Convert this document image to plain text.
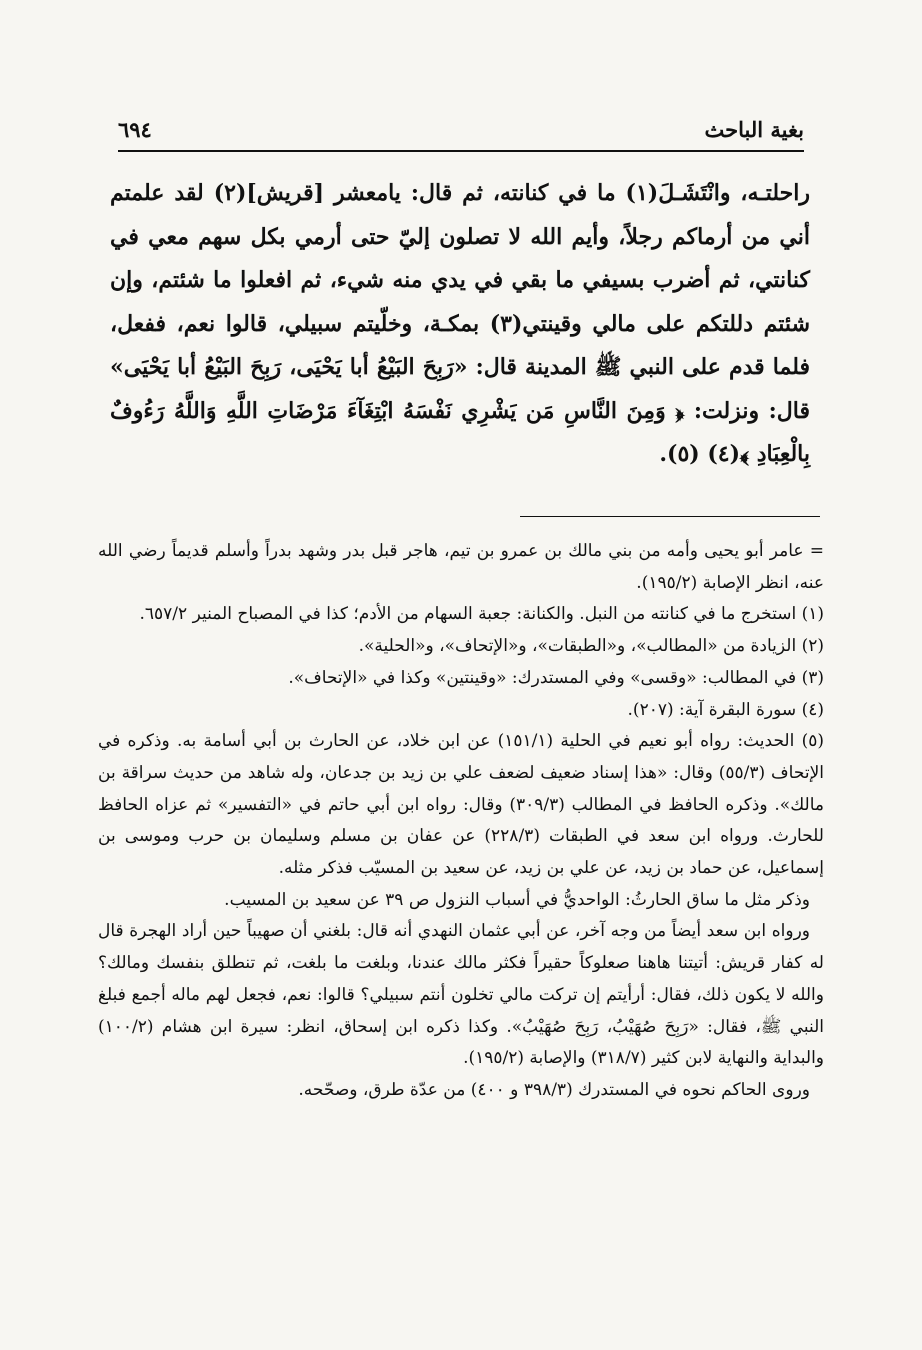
بغية الباحث
٦٩٤

راحلتـه، وانْتَشَـلَ(١) ما في كنانته، ثم قال: يامعشر [قريش](٢) لقد علمتم أني من أرماكم رجلاً، وأيم الله لا تصلون إليّ حتى أرمي بكل سهم معي في كنانتي، ثم أضرب بسيفي ما بقي في يدي منه شيء، ثم افعلوا ما شئتم، وإن شئتم دللتكم على مالي وقينتي(٣) بمكـة، وخلّيتم سبيلي، قالوا نعم، ففعل، فلما قدم على النبي ﷺ المدينة قال: «رَبِحَ البَيْعُ أبا يَحْيَى، رَبِحَ البَيْعُ أبا يَحْيَى» قال: ونزلت: ﴿ وَمِنَ النَّاسِ مَن يَشْرِي نَفْسَهُ ابْتِغَآءَ مَرْضَاتِ اللَّهِ وَاللَّهُ رَءُوفٌ بِالْعِبَادِ ﴾(٤) (٥).

= عامر أبو يحيى وأمه من بني مالك بن عمرو بن تيم، هاجر قبل بدر وشهد بدراً وأسلم قديماً رضي الله عنه، انظر الإصابة (١٩٥/٢).

(١) استخرج ما في كنانته من النبل. والكنانة: جعبة السهام من الأدم؛ كذا في المصباح المنير ٦٥٧/٢.

(٢) الزيادة من «المطالب»، و«الطبقات»، و«الإتحاف»، و«الحلية».

(٣) في المطالب: «وقسى» وفي المستدرك: «وقينتين» وكذا في «الإتحاف».

(٤) سورة البقرة آية: (٢٠٧).

(٥) الحديث: رواه أبو نعيم في الحلية (١٥١/١) عن ابن خلاد، عن الحارث بن أبي أسامة به. وذكره في الإتحاف (٥٥/٣) وقال: «هذا إسناد ضعيف لضعف علي بن زيد بن جدعان، وله شاهد من حديث سراقة بن مالك». وذكره الحافظ في المطالب (٣٠٩/٣) وقال: رواه ابن أبي حاتم في «التفسير» ثم عزاه الحافظ للحارث. ورواه ابن سعد في الطبقات (٢٢٨/٣) عن عفان بن مسلم وسليمان بن حرب وموسى بن إسماعيل، عن حماد بن زيد، عن علي بن زيد، عن سعيد بن المسيّب فذكر مثله.

وذكر مثل ما ساق الحارثُ: الواحديُّ في أسباب النزول ص ٣٩ عن سعيد بن المسيب.

ورواه ابن سعد أيضاً من وجه آخر، عن أبي عثمان النهدي أنه قال: بلغني أن صهيباً حين أراد الهجرة قال له كفار قريش: أتيتنا هاهنا صعلوكاً حقيراً فكثر مالك عندنا، وبلغت ما بلغت، ثم تنطلق بنفسك ومالك؟ والله لا يكون ذلك، فقال: أرأيتم إن تركت مالي تخلون أنتم سبيلي؟ قالوا: نعم، فجعل لهم ماله أجمع فبلغ النبي ﷺ، فقال: «رَبِحَ صُهَيْبُ، رَبِحَ صُهَيْبُ». وكذا ذكره ابن إسحاق، انظر: سيرة ابن هشام (١٠٠/٢) والبداية والنهاية لابن كثير (٣١٨/٧) والإصابة (١٩٥/٢).

وروى الحاكم نحوه في المستدرك (٣٩٨/٣ و ٤٠٠) من عدّة طرق، وصحّحه.
